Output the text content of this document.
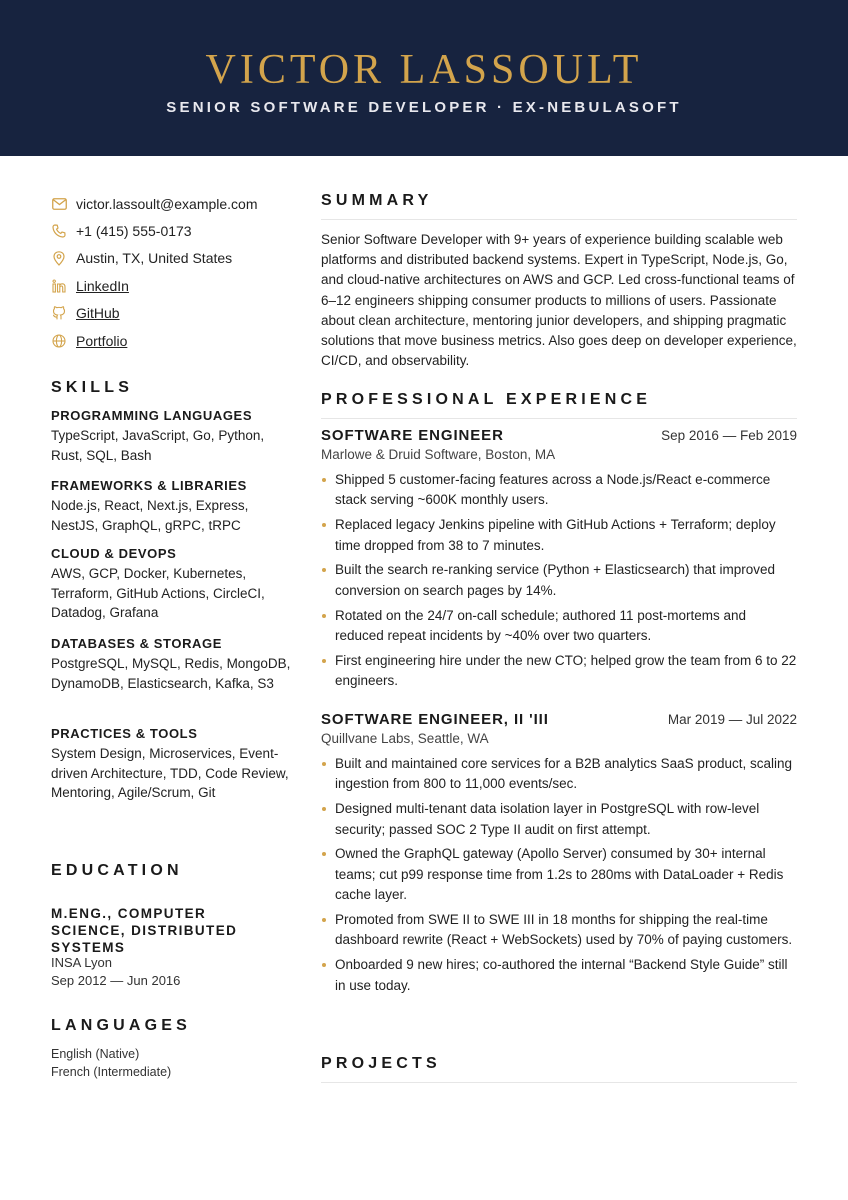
VICTOR LASSOULT
SENIOR SOFTWARE DEVELOPER · EX-NEBULASOFT
victor.lassoult@example.com
+1 (415) 555-0173
Austin, TX, United States
LinkedIn
GitHub
Portfolio
SKILLS
PROGRAMMING LANGUAGES
TypeScript, JavaScript, Go, Python, Rust, SQL, Bash
FRAMEWORKS & LIBRARIES
Node.js, React, Next.js, Express, NestJS, GraphQL, gRPC, tRPC
CLOUD & DEVOPS
AWS, GCP, Docker, Kubernetes, Terraform, GitHub Actions, CircleCI, Datadog, Grafana
DATABASES & STORAGE
PostgreSQL, MySQL, Redis, MongoDB, DynamoDB, Elasticsearch, Kafka, S3
PRACTICES & TOOLS
System Design, Microservices, Event-driven Architecture, TDD, Code Review, Mentoring, Agile/Scrum, Git
EDUCATION
M.ENG., COMPUTER SCIENCE, DISTRIBUTED SYSTEMS
INSA Lyon
Sep 2012 — Jun 2016
LANGUAGES
English (Native)
French (Intermediate)
SUMMARY
Senior Software Developer with 9+ years of experience building scalable web platforms and distributed backend systems. Expert in TypeScript, Node.js, Go, and cloud-native architectures on AWS and GCP. Led cross-functional teams of 6–12 engineers shipping consumer products to millions of users. Passionate about clean architecture, mentoring junior developers, and shipping pragmatic solutions that move business metrics. Also goes deep on developer experience, CI/CD, and observability.
PROFESSIONAL EXPERIENCE
SOFTWARE ENGINEER	Sep 2016 — Feb 2019
Marlowe & Druid Software, Boston, MA
Shipped 5 customer-facing features across a Node.js/React e-commerce stack serving ~600K monthly users.
Replaced legacy Jenkins pipeline with GitHub Actions + Terraform; deploy time dropped from 38 to 7 minutes.
Built the search re-ranking service (Python + Elasticsearch) that improved conversion on search pages by 14%.
Rotated on the 24/7 on-call schedule; authored 11 post-mortems and reduced repeat incidents by ~40% over two quarters.
First engineering hire under the new CTO; helped grow the team from 6 to 22 engineers.
SOFTWARE ENGINEER, II 'III	Mar 2019 — Jul 2022
Quillvane Labs, Seattle, WA
Built and maintained core services for a B2B analytics SaaS product, scaling ingestion from 800 to 11,000 events/sec.
Designed multi-tenant data isolation layer in PostgreSQL with row-level security; passed SOC 2 Type II audit on first attempt.
Owned the GraphQL gateway (Apollo Server) consumed by 30+ internal teams; cut p99 response time from 1.2s to 280ms with DataLoader + Redis cache layer.
Promoted from SWE II to SWE III in 18 months for shipping the real-time dashboard rewrite (React + WebSockets) used by 70% of paying customers.
Onboarded 9 new hires; co-authored the internal “Backend Style Guide” still in use today.
PROJECTS
